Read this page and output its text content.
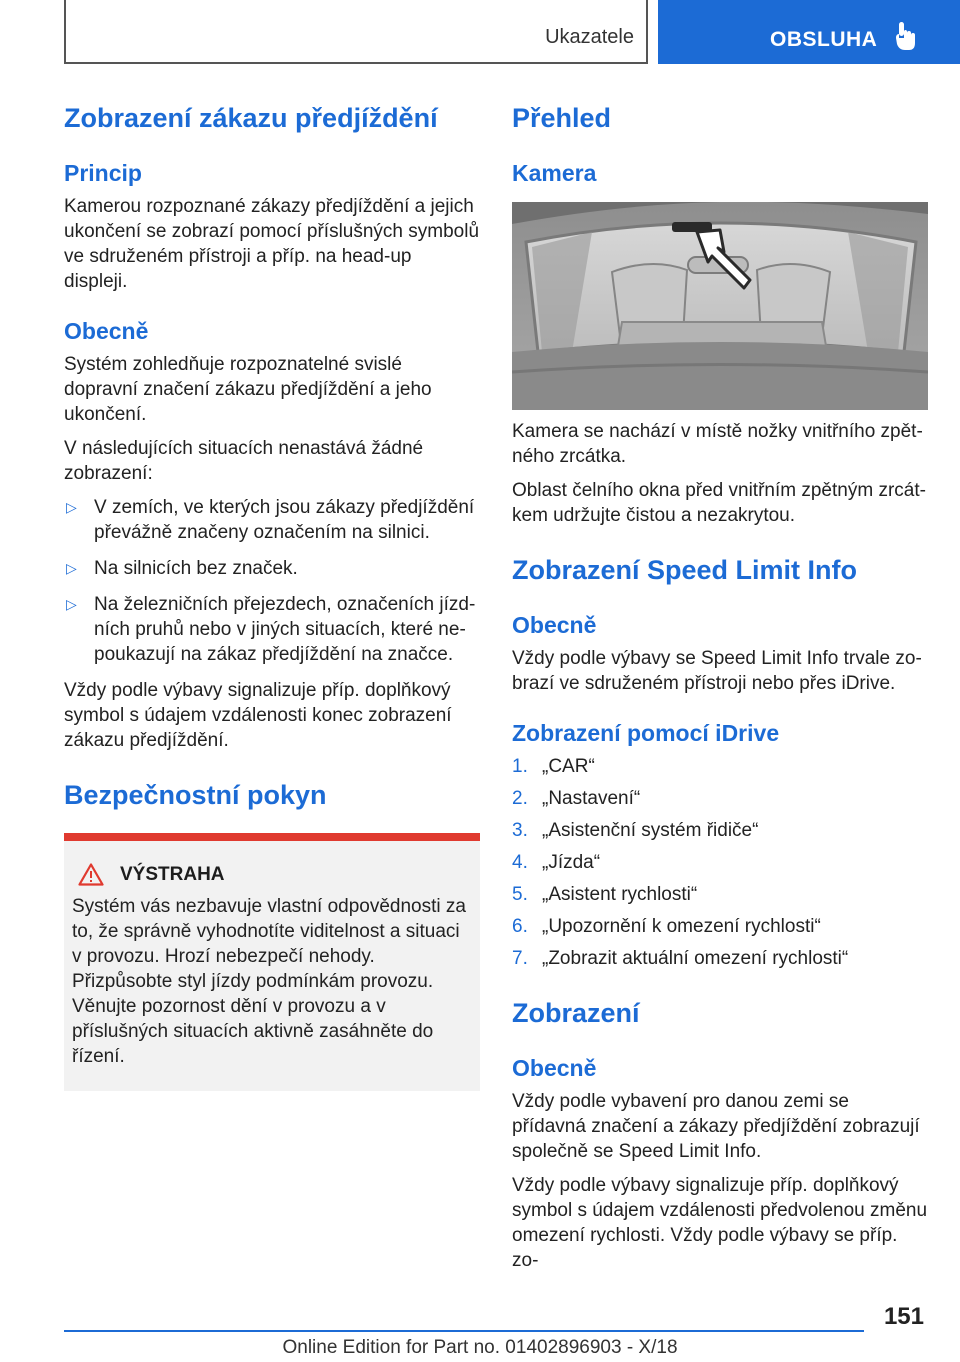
Ukazatele	OBSLUHA
Zobrazení zákazu předjíždění
Princip

Kamerou rozpoznané zákazy předjíždění a jejich ukončení se zobrazí pomocí příslušných symbolů ve sdruženém přístroji a příp. na head-up displeji.

Obecně

Systém zohledňuje rozpoznatelné svislé dopravní značení zákazu předjíždění a jeho ukončení.

V následujících situacích nenastává žádné zobrazení:

▷ V zemích, ve kterých jsou zákazy předjíždění převážně značeny označením na silnici.
▷ Na silnicích bez značek.
▷ Na železničních přejezdech, označeních jízdních pruhů nebo v jiných situacích, které nepoukazují na zákaz předjíždění na značce.

Vždy podle výbavy signalizuje příp. doplňkový symbol s údajem vzdálenosti konec zobrazení zákazu předjíždění.

Bezpečnostní pokyn
VÝSTRAHA

Systém vás nezbavuje vlastní odpovědnosti za to, že správně vyhodnotíte viditelnost a situaci v provozu. Hrozí nebezpečí nehody. Přizpůsobte styl jízdy podmínkám provozu. Věnujte pozornost dění v provozu a v příslušných situacích aktivně zasáhněte do řízení.

Přehled
Kamera

Kamera se nachází v místě nožky vnitřního zpětného zrcátka.

Oblast čelního okna před vnitřním zpětným zrcátkem udržujte čistou a nezakrytou.

Zobrazení Speed Limit Info
Obecně

Vždy podle výbavy se Speed Limit Info trvale zobrazí ve sdruženém přístroji nebo přes iDrive.

Zobrazení pomocí iDrive
1. „CAR“
2. „Nastavení“
3. „Asistenční systém řidiče“
4. „Jízda“
5. „Asistent rychlosti“
6. „Upozornění k omezení rychlosti“
7. „Zobrazit aktuální omezení rychlosti“
Zobrazení
Obecně

Vždy podle vybavení pro danou zemi se přídavná značení a zákazy předjíždění zobrazují společně se Speed Limit Info.

Vždy podle výbavy signalizuje příp. doplňkový symbol s údajem vzdálenosti předvolenou změnu omezení rychlosti. Vždy podle výbavy se příp. zo-

151
Online Edition for Part no. 01402896903 - X/18
